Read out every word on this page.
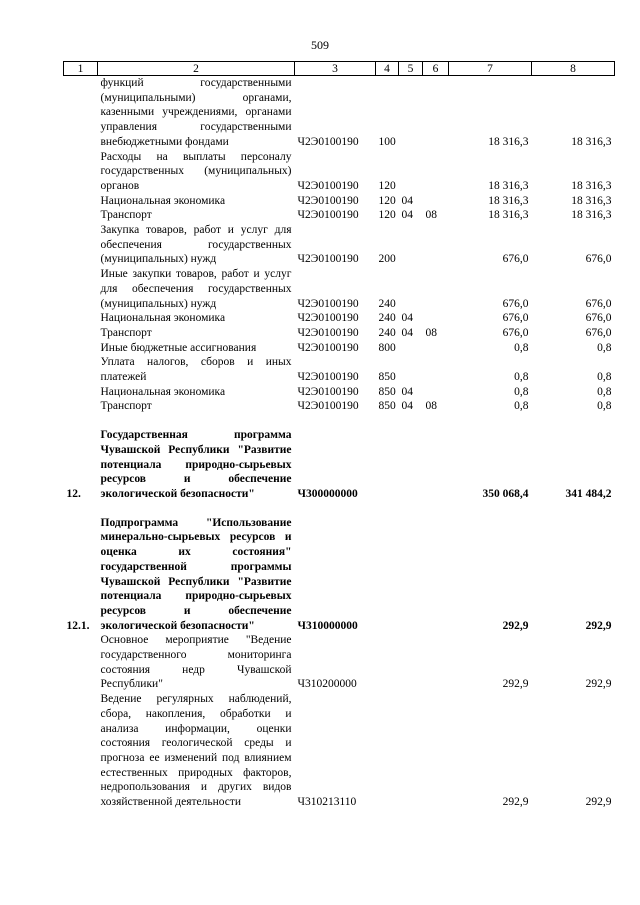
509
1	2	3	4	5	6	7	8
	функций государственными (муниципальными) органами, казенными учреждениями, органами управления государственными внебюджетными фондами	Ч2Э0100190	100			18 316,3	18 316,3
	Расходы на выплаты персоналу государственных (муниципальных) органов	Ч2Э0100190	120			18 316,3	18 316,3
	Национальная экономика	Ч2Э0100190	120	04		18 316,3	18 316,3
	Транспорт	Ч2Э0100190	120	04	08	18 316,3	18 316,3
	Закупка товаров, работ и услуг для обеспечения государственных (муниципальных) нужд	Ч2Э0100190	200			676,0	676,0
	Иные закупки товаров, работ и услуг для обеспечения государственных (муниципальных) нужд	Ч2Э0100190	240			676,0	676,0
	Национальная экономика	Ч2Э0100190	240	04		676,0	676,0
	Транспорт	Ч2Э0100190	240	04	08	676,0	676,0
	Иные бюджетные ассигнования	Ч2Э0100190	800			0,8	0,8
	Уплата налогов, сборов и иных платежей	Ч2Э0100190	850			0,8	0,8
	Национальная экономика	Ч2Э0100190	850	04		0,8	0,8
	Транспорт	Ч2Э0100190	850	04	08	0,8	0,8

12.	Государственная программа Чувашской Республики "Развитие потенциала природно-сырьевых ресурсов и обеспечение экологической безопасности"	Ч300000000				350 068,4	341 484,2

12.1.	Подпрограмма "Использование минерально-сырьевых ресурсов и оценка их состояния" государственной программы Чувашской Республики "Развитие потенциала природно-сырьевых ресурсов и обеспечение экологической безопасности"	Ч310000000				292,9	292,9
	Основное мероприятие "Ведение государственного мониторинга состояния недр Чувашской Республики"	Ч310200000				292,9	292,9
	Ведение регулярных наблюдений, сбора, накопления, обработки и анализа информации, оценки состояния геологической среды и прогноза ее изменений под влиянием естественных природных факторов, недропользования и других видов хозяйственной деятельности	Ч310213110				292,9	292,9
